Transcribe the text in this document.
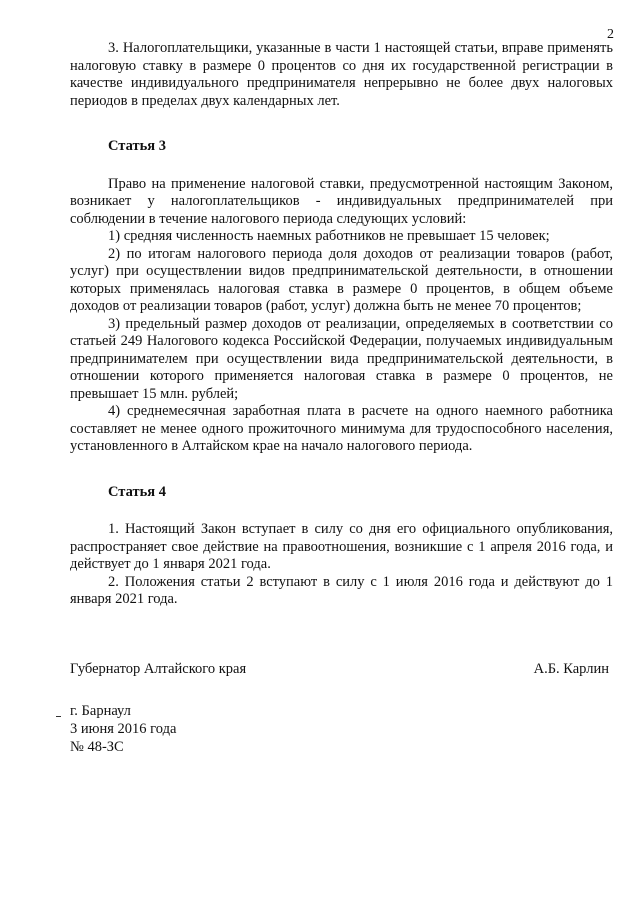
2

3. Налогоплательщики, указанные в части 1 настоящей статьи, вправе применять налоговую ставку в размере 0 процентов со дня их государственной регистрации в качестве индивидуального предпринимателя непрерывно не более двух налоговых периодов в пределах двух календарных лет.

Статья 3

Право на применение налоговой ставки, предусмотренной настоящим Законом, возникает у налогоплательщиков - индивидуальных предпринимателей при соблюдении в течение налогового периода следующих условий:

1) средняя численность наемных работников не превышает 15 человек;

2) по итогам налогового периода доля доходов от реализации товаров (работ, услуг) при осуществлении видов предпринимательской деятельности, в отношении которых применялась налоговая ставка в размере 0 процентов, в общем объеме доходов от реализации товаров (работ, услуг) должна быть не менее 70 процентов;

3) предельный размер доходов от реализации, определяемых в соответствии со статьей 249 Налогового кодекса Российской Федерации, получаемых индивидуальным предпринимателем при осуществлении вида предпринимательской деятельности, в отношении которого применяется налоговая ставка в размере 0 процентов, не превышает 15 млн. рублей;

4) среднемесячная заработная плата в расчете на одного наемного работника составляет не менее одного прожиточного минимума для трудоспособного населения, установленного в Алтайском крае на начало налогового периода.

Статья 4

1. Настоящий Закон вступает в силу со дня его официального опубликования, распространяет свое действие на правоотношения, возникшие с 1 апреля 2016 года, и действует до 1 января 2021 года.

2. Положения статьи 2 вступают в силу с 1 июля 2016 года и действуют до 1 января 2021 года.

Губернатор Алтайского края	А.Б. Карлин
г. Барнаул
3 июня 2016 года
№ 48-ЗС
